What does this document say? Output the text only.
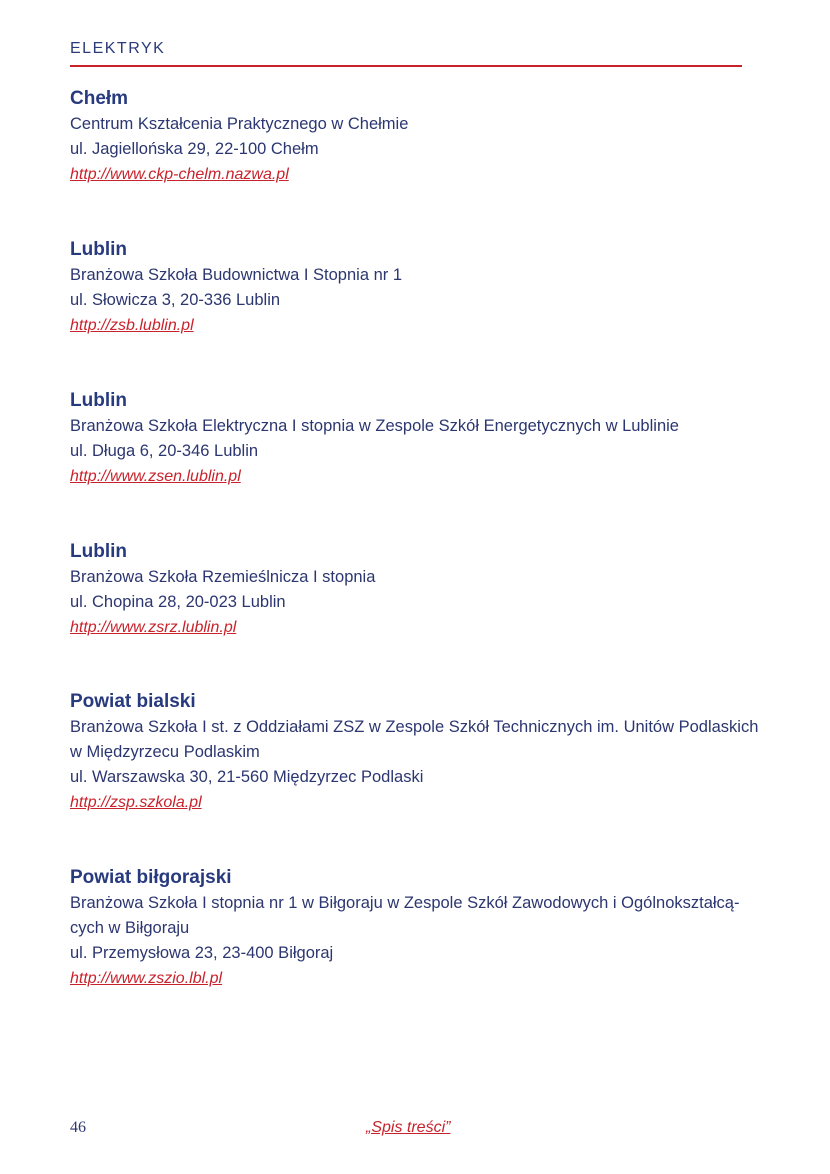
ELEKTRYK
Chełm
Centrum Kształcenia Praktycznego w Chełmie
ul. Jagiellońska 29, 22-100 Chełm
http://www.ckp-chelm.nazwa.pl
Lublin
Branżowa Szkoła Budownictwa I Stopnia nr 1
ul. Słowicza 3, 20-336 Lublin
http://zsb.lublin.pl
Lublin
Branżowa Szkoła Elektryczna I stopnia w Zespole Szkół Energetycznych w Lublinie
ul. Długa 6, 20-346 Lublin
http://www.zsen.lublin.pl
Lublin
Branżowa Szkoła Rzemieślnicza I stopnia
ul. Chopina 28, 20-023 Lublin
http://www.zsrz.lublin.pl
Powiat bialski
Branżowa Szkoła I st. z Oddziałami ZSZ w Zespole Szkół Technicznych im. Unitów Podlaskich
w Międzyrzecu Podlaskim
ul. Warszawska 30, 21-560 Międzyrzec Podlaski
http://zsp.szkola.pl
Powiat biłgorajski
Branżowa Szkoła I stopnia nr 1 w Biłgoraju w Zespole Szkół Zawodowych i Ogólnokształcą-
cych w Biłgoraju
ul. Przemysłowa 23, 23-400 Biłgoraj
http://www.zszio.lbl.pl
46	„Spis treści”
